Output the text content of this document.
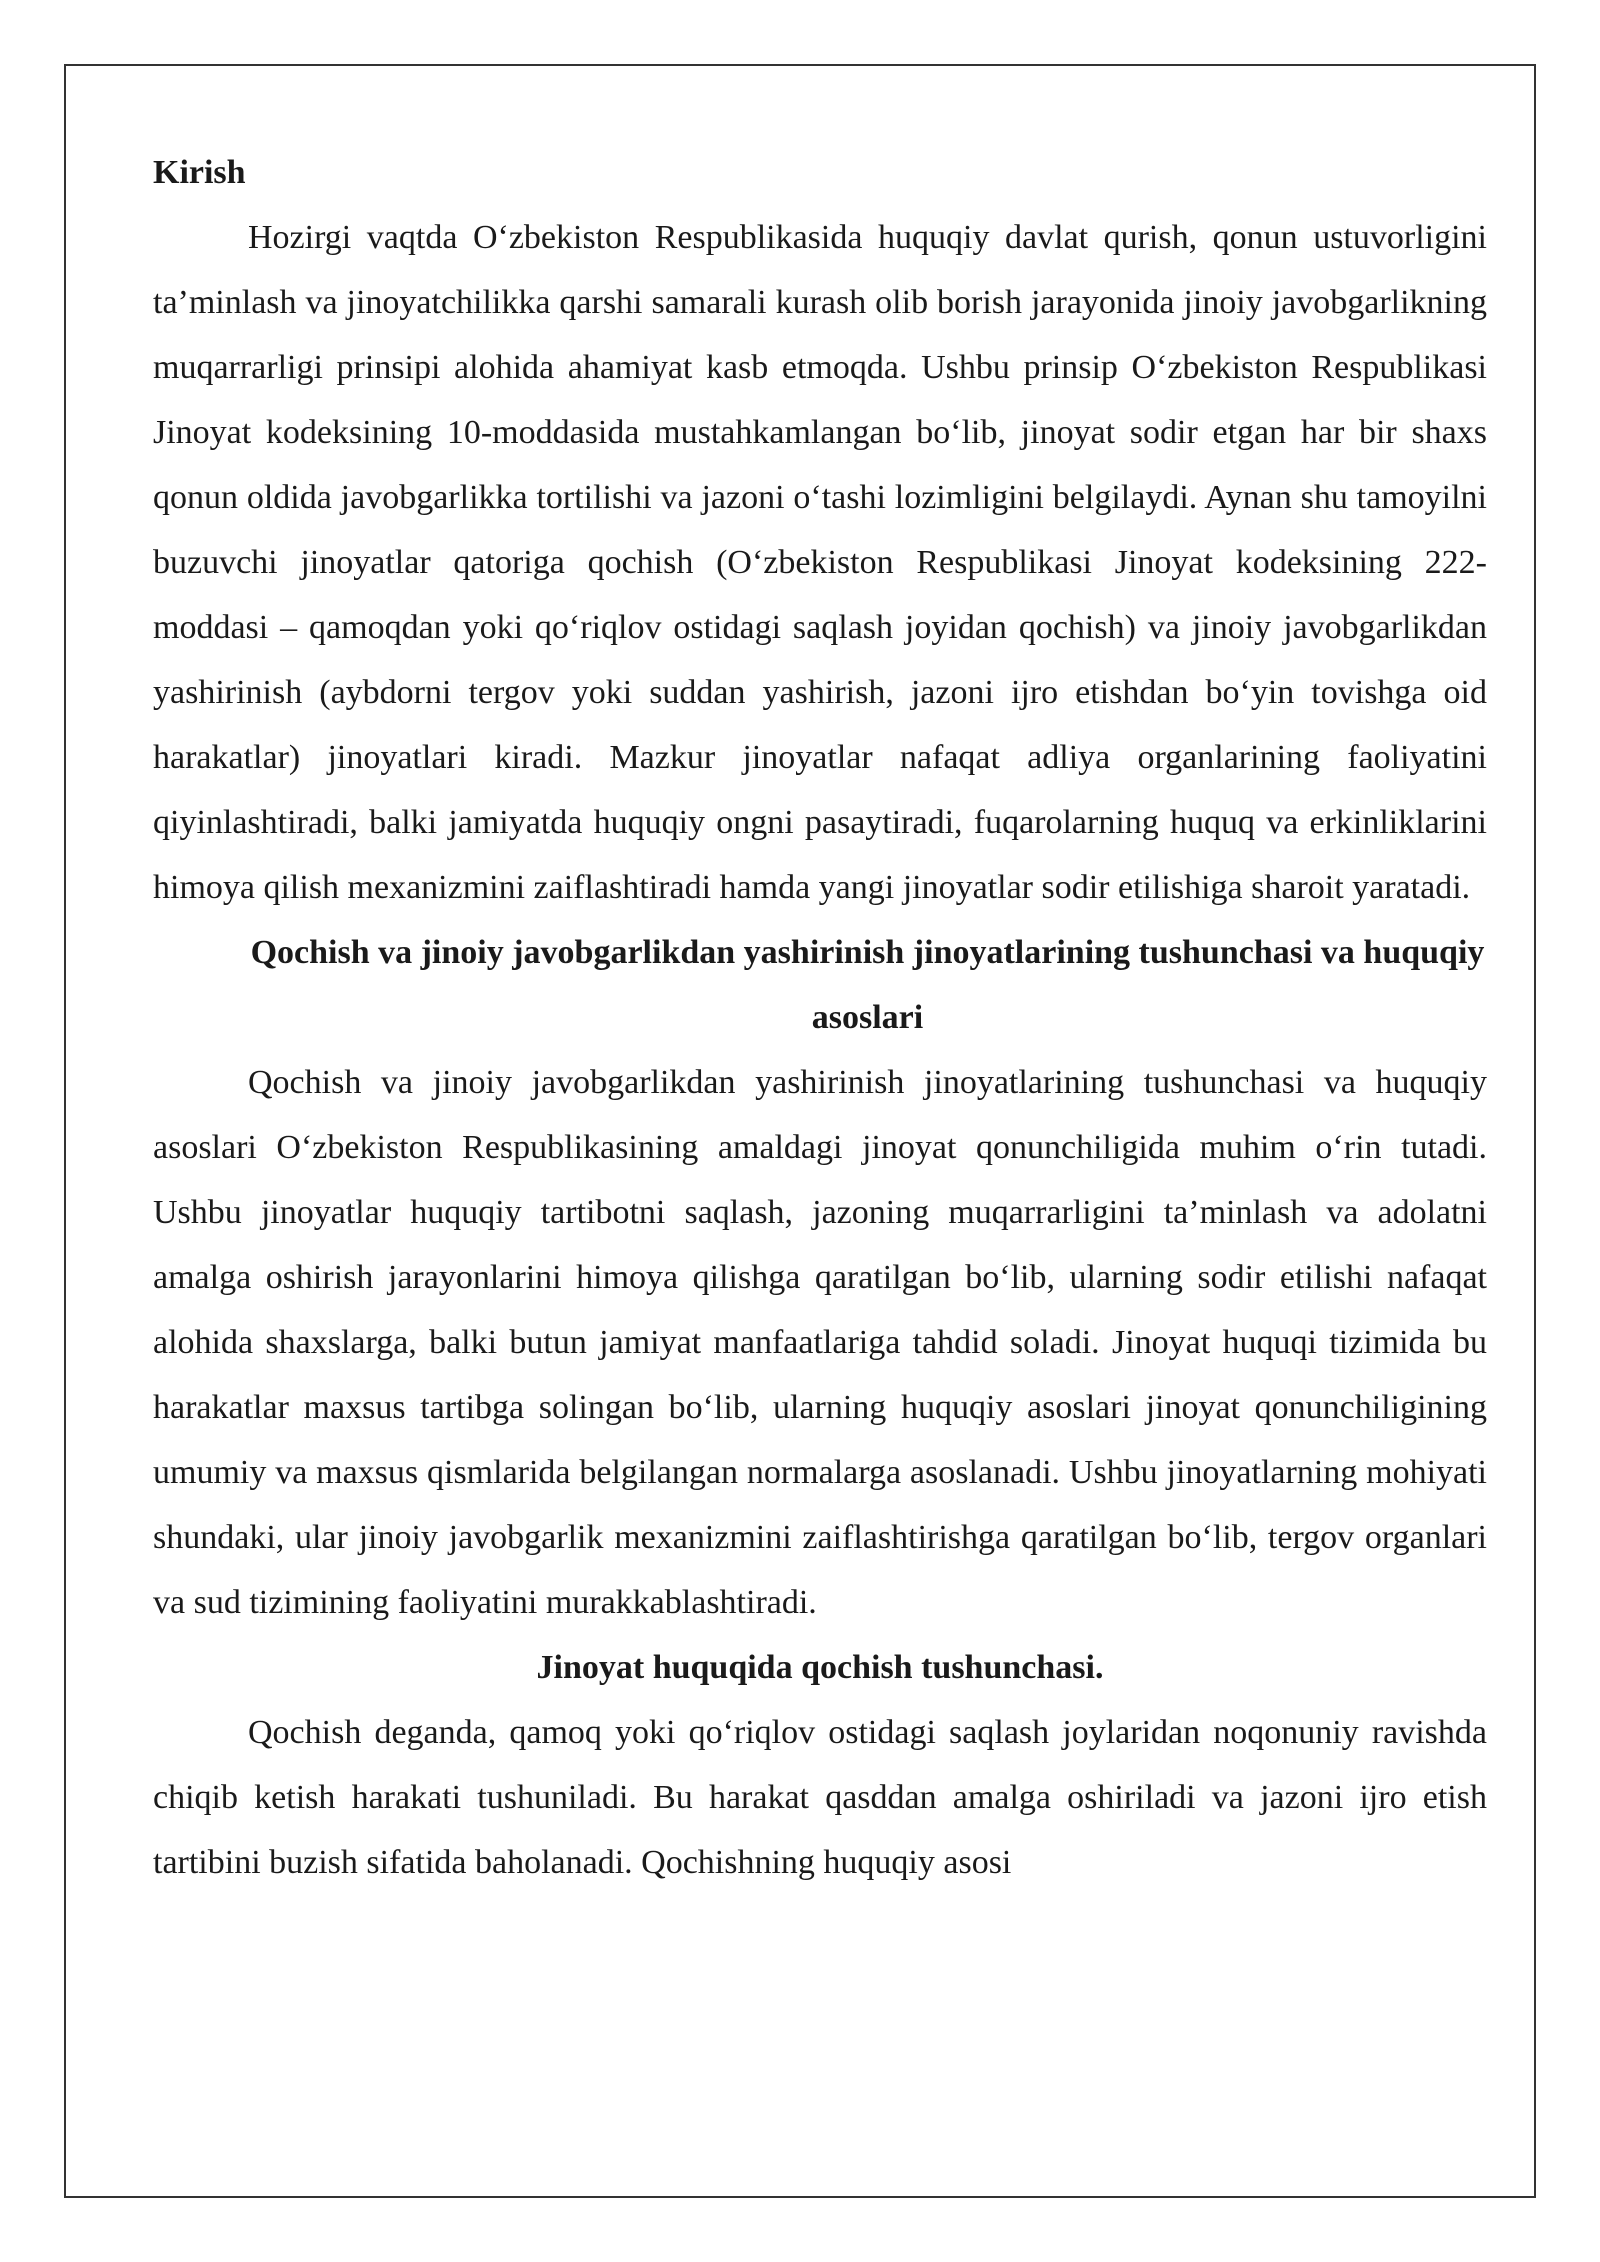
Kirish

Hozirgi vaqtda O‘zbekiston Respublikasida huquqiy davlat qurish, qonun ustuvorligini ta’minlash va jinoyatchilikka qarshi samarali kurash olib borish jarayonida jinoiy javobgarlikning muqarrarligi prinsipi alohida ahamiyat kasb etmoqda. Ushbu prinsip O‘zbekiston Respublikasi Jinoyat kodeksining 10-moddasida mustahkamlangan bo‘lib, jinoyat sodir etgan har bir shaxs qonun oldida javobgarlikka tortilishi va jazoni o‘tashi lozimligini belgilaydi. Aynan shu tamoyilni buzuvchi jinoyatlar qatoriga qochish (O‘zbekiston Respublikasi Jinoyat kodeksining 222-moddasi – qamoqdan yoki qo‘riqlov ostidagi saqlash joyidan qochish) va jinoiy javobgarlikdan yashirinish (aybdorni tergov yoki suddan yashirish, jazoni ijro etishdan bo‘yin tovishga oid harakatlar) jinoyatlari kiradi. Mazkur jinoyatlar nafaqat adliya organlarining faoliyatini qiyinlashtiradi, balki jamiyatda huquqiy ongni pasaytiradi, fuqarolarning huquq va erkinliklarini himoya qilish mexanizmini zaiflashtiradi hamda yangi jinoyatlar sodir etilishiga sharoit yaratadi.

Qochish va jinoiy javobgarlikdan yashirinish jinoyatlarining tushunchasi va huquqiy asoslari

Qochish va jinoiy javobgarlikdan yashirinish jinoyatlarining tushunchasi va huquqiy asoslari O‘zbekiston Respublikasining amaldagi jinoyat qonunchiligida muhim o‘rin tutadi. Ushbu jinoyatlar huquqiy tartibotni saqlash, jazoning muqarrarligini ta’minlash va adolatni amalga oshirish jarayonlarini himoya qilishga qaratilgan bo‘lib, ularning sodir etilishi nafaqat alohida shaxslarga, balki butun jamiyat manfaatlariga tahdid soladi. Jinoyat huquqi tizimida bu harakatlar maxsus tartibga solingan bo‘lib, ularning huquqiy asoslari jinoyat qonunchiligining umumiy va maxsus qismlarida belgilangan normalarga asoslanadi. Ushbu jinoyatlarning mohiyati shundaki, ular jinoiy javobgarlik mexanizmini zaiflashtirishga qaratilgan bo‘lib, tergov organlari va sud tizimining faoliyatini murakkablashtiradi.

Jinoyat huquqida qochish tushunchasi.

Qochish deganda, qamoq yoki qo‘riqlov ostidagi saqlash joylaridan noqonuniy ravishda chiqib ketish harakati tushuniladi. Bu harakat qasddan amalga oshiriladi va jazoni ijro etish tartibini buzish sifatida baholanadi. Qochishning huquqiy asosi
